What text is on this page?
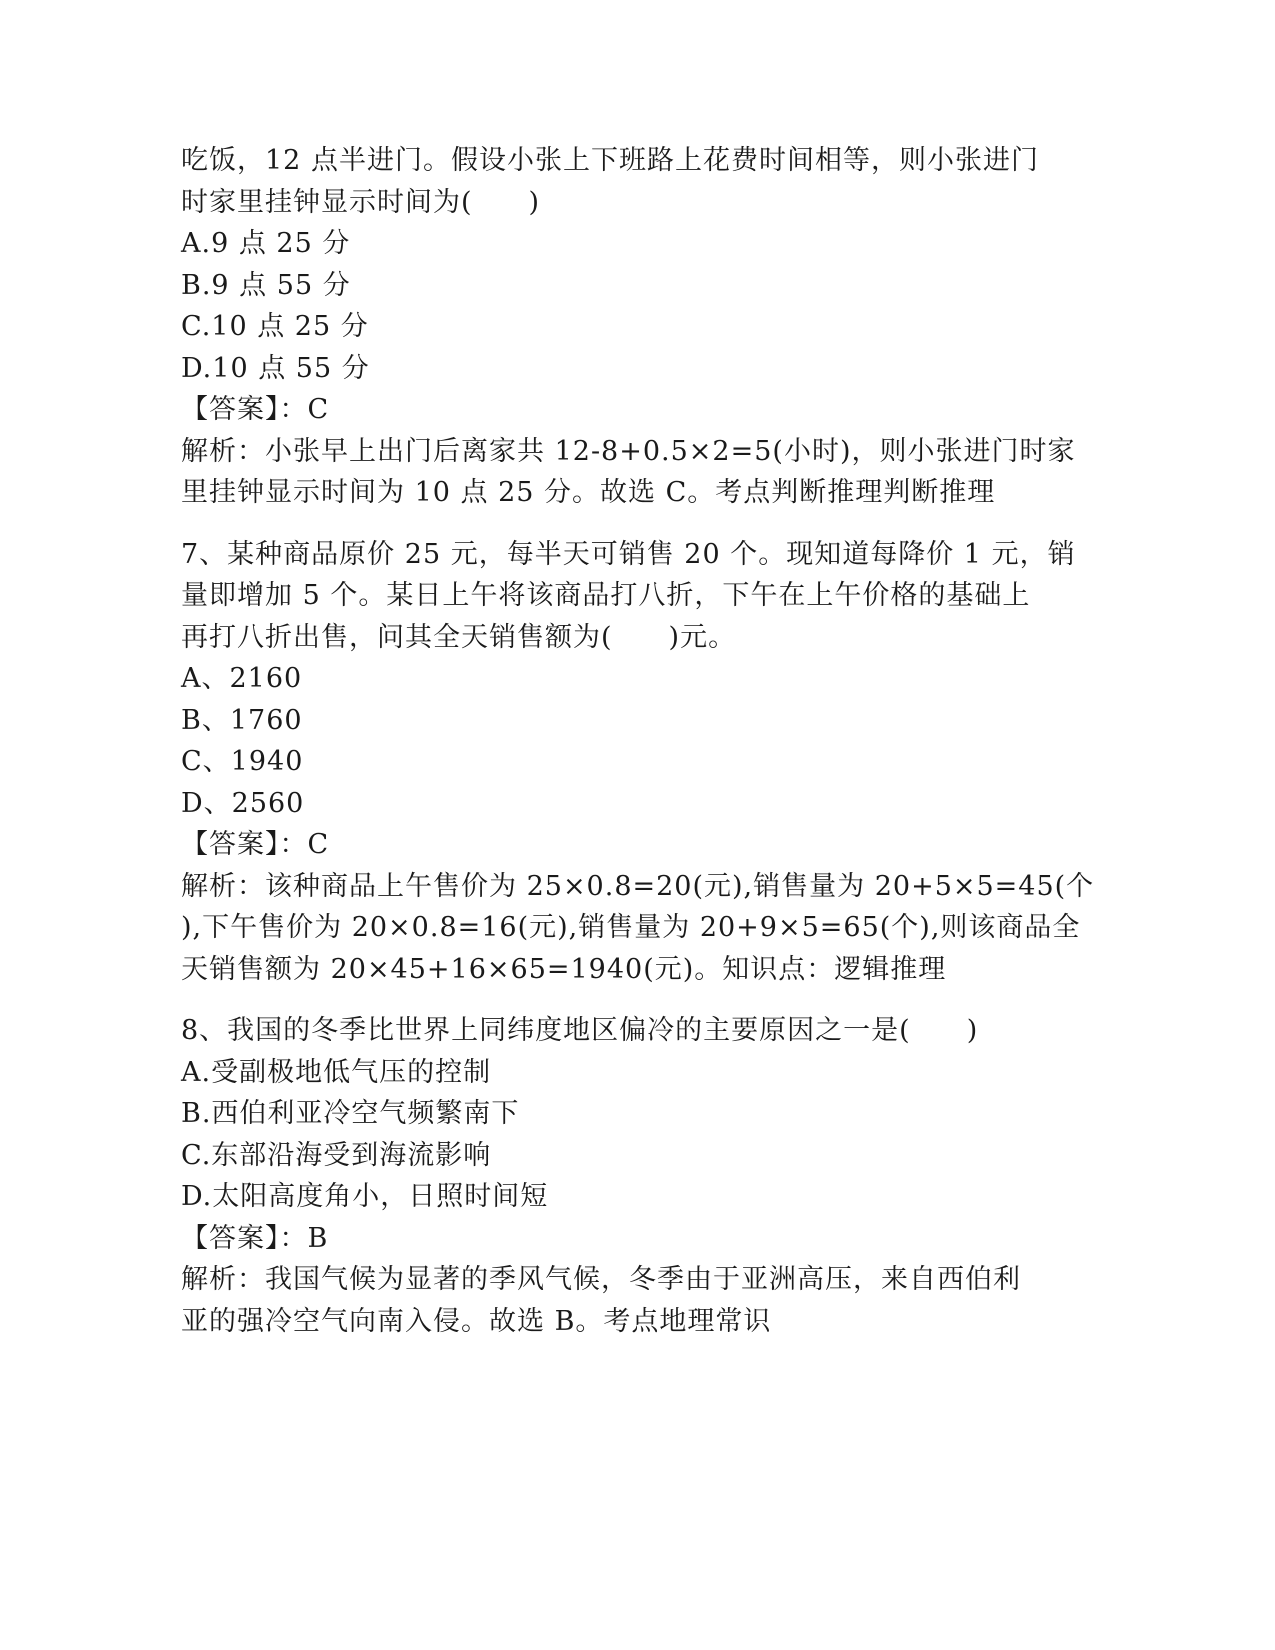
吃饭，12 点半进门。假设小张上下班路上花费时间相等，则小张进门
时家里挂钟显示时间为(　　)
A.9 点 25 分
B.9 点 55 分
C.10 点 25 分
D.10 点 55 分
【答案】：C
解析：小张早上出门后离家共 12-8+0.5×2=5(小时)，则小张进门时家
里挂钟显示时间为 10 点 25 分。故选 C。考点判断推理判断推理
7、某种商品原价 25 元，每半天可销售 20 个。现知道每降价 1 元，销
量即增加 5 个。某日上午将该商品打八折，下午在上午价格的基础上
再打八折出售，问其全天销售额为(　　)元。
A、2160
B、1760
C、1940
D、2560
【答案】：C
解析：该种商品上午售价为 25×0.8=20(元),销售量为 20+5×5=45(个
),下午售价为 20×0.8=16(元),销售量为 20+9×5=65(个),则该商品全
天销售额为 20×45+16×65=1940(元)。知识点：逻辑推理
8、我国的冬季比世界上同纬度地区偏冷的主要原因之一是(　　)
A.受副极地低气压的控制
B.西伯利亚冷空气频繁南下
C.东部沿海受到海流影响
D.太阳高度角小，日照时间短
【答案】：B
解析：我国气候为显著的季风气候，冬季由于亚洲高压，来自西伯利
亚的强冷空气向南入侵。故选 B。考点地理常识
